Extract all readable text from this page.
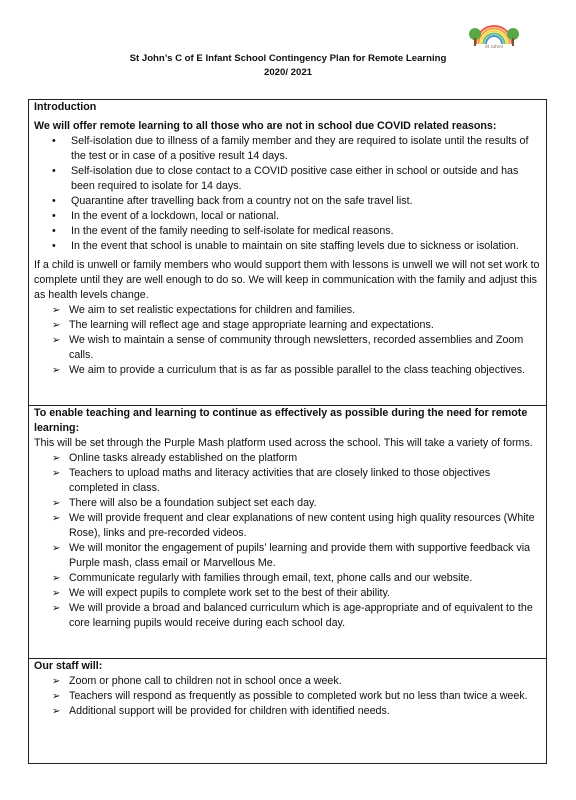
St John's
St John’s C of E Infant School Contingency Plan for Remote Learning
2020/ 2021
Introduction
We will offer remote learning to all those who are not in school due COVID related reasons:
• Self-isolation due to illness of a family member and they are required to isolate until the results of the test or in case of a positive result 14 days.
• Self-isolation due to close contact to a COVID positive case either in school or outside and has been required to isolate for 14 days.
• Quarantine after travelling back from a country not on the safe travel list.
• In the event of a lockdown, local or national.
• In the event of the family needing to self-isolate for medical reasons.
• In the event that school is unable to maintain on site staffing levels due to sickness or isolation.

If a child is unwell or family members who would support them with lessons is unwell we will not set work to complete until they are well enough to do so. We will keep in communication with the family and adjust this as health levels change.

➢ We aim to set realistic expectations for children and families.
➢ The learning will reflect age and stage appropriate learning and expectations.
➢ We wish to maintain a sense of community through newsletters, recorded assemblies and Zoom calls.
➢ We aim to provide a curriculum that is as far as possible parallel to the class teaching objectives.
To enable teaching and learning to continue as effectively as possible during the need for remote learning:

This will be set through the Purple Mash platform used across the school. This will take a variety of forms.

➢ Online tasks already established on the platform
➢ Teachers to upload maths and literacy activities that are closely linked to those objectives completed in class.
➢ There will also be a foundation subject set each day.
➢ We will provide frequent and clear explanations of new content using high quality resources (White Rose), links and pre-recorded videos.
➢ We will monitor the engagement of pupils’ learning and provide them with supportive feedback via Purple mash, class email or Marvellous Me.
➢ Communicate regularly with families through email, text, phone calls and our website.
➢ We will expect pupils to complete work set to the best of their ability.
➢ We will provide a broad and balanced curriculum which is age-appropriate and of equivalent to the core learning pupils would receive during each school day.
Our staff will:
➢ Zoom or phone call to children not in school once a week.
➢ Teachers will respond as frequently as possible to completed work but no less than twice a week.
➢ Additional support will be provided for children with identified needs.
